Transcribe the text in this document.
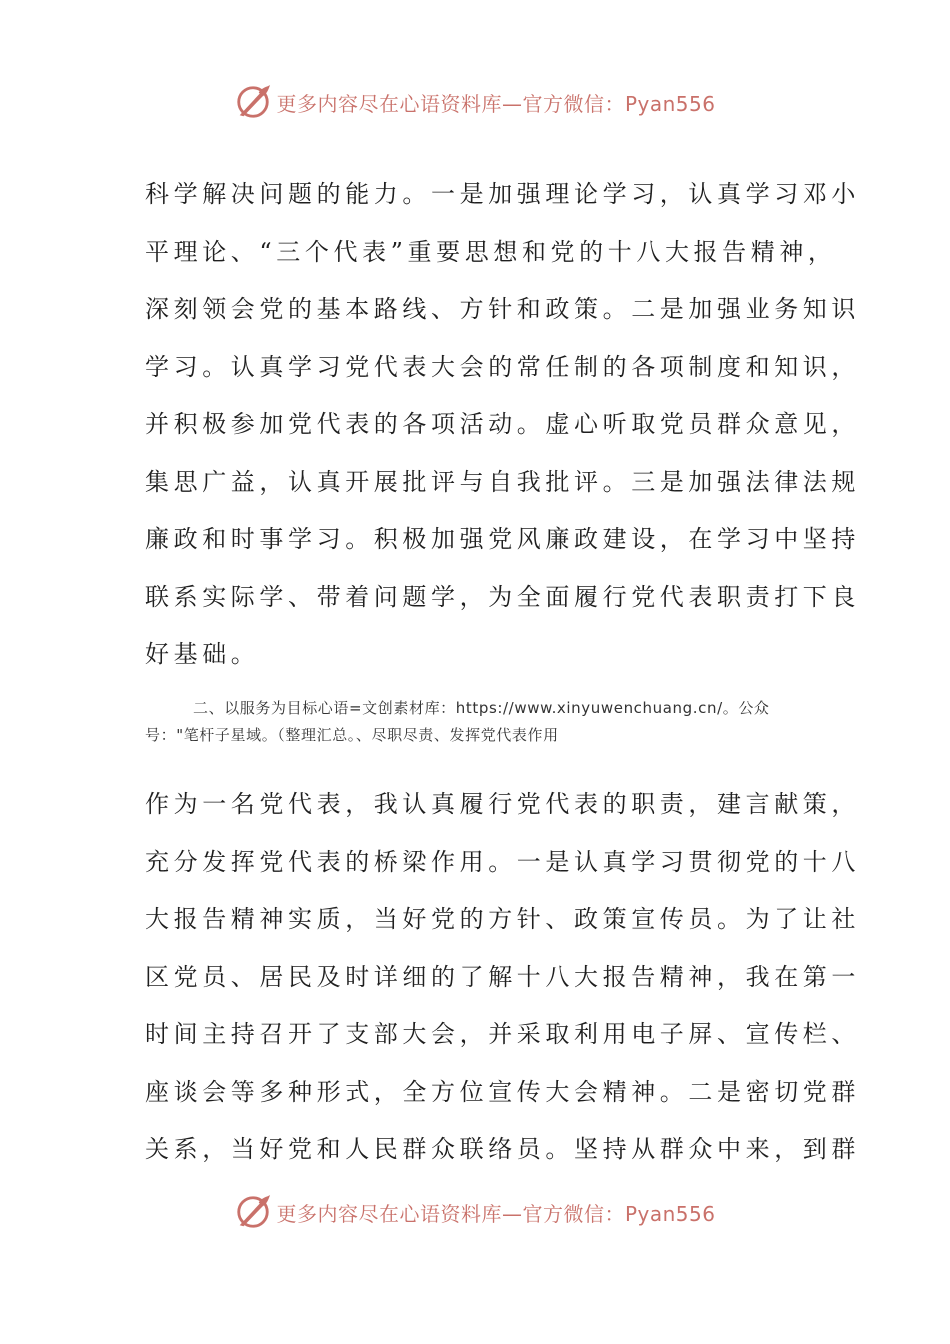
更多内容尽在心语资料库—官方微信：Pyan556
科学解决问题的能力。一是加强理论学习，认真学习邓小
平理论、“三个代表”重要思想和党的十八大报告精神，
深刻领会党的基本路线、方针和政策。二是加强业务知识
学习。认真学习党代表大会的常任制的各项制度和知识，
并积极参加党代表的各项活动。虚心听取党员群众意见，
集思广益，认真开展批评与自我批评。三是加强法律法规
廉政和时事学习。积极加强党风廉政建设，在学习中坚持
联系实际学、带着问题学，为全面履行党代表职责打下良
好基础。
二、以服务为目标心语=文创素材库：https://www.xinyuwenchuang.cn/。公众
号："笔杆子星域。（整理汇总。、尽职尽责、发挥党代表作用
作为一名党代表，我认真履行党代表的职责，建言献策，
充分发挥党代表的桥梁作用。一是认真学习贯彻党的十八
大报告精神实质，当好党的方针、政策宣传员。为了让社
区党员、居民及时详细的了解十八大报告精神，我在第一
时间主持召开了支部大会，并采取利用电子屏、宣传栏、
座谈会等多种形式，全方位宣传大会精神。二是密切党群
关系，当好党和人民群众联络员。坚持从群众中来，到群
更多内容尽在心语资料库—官方微信：Pyan556
